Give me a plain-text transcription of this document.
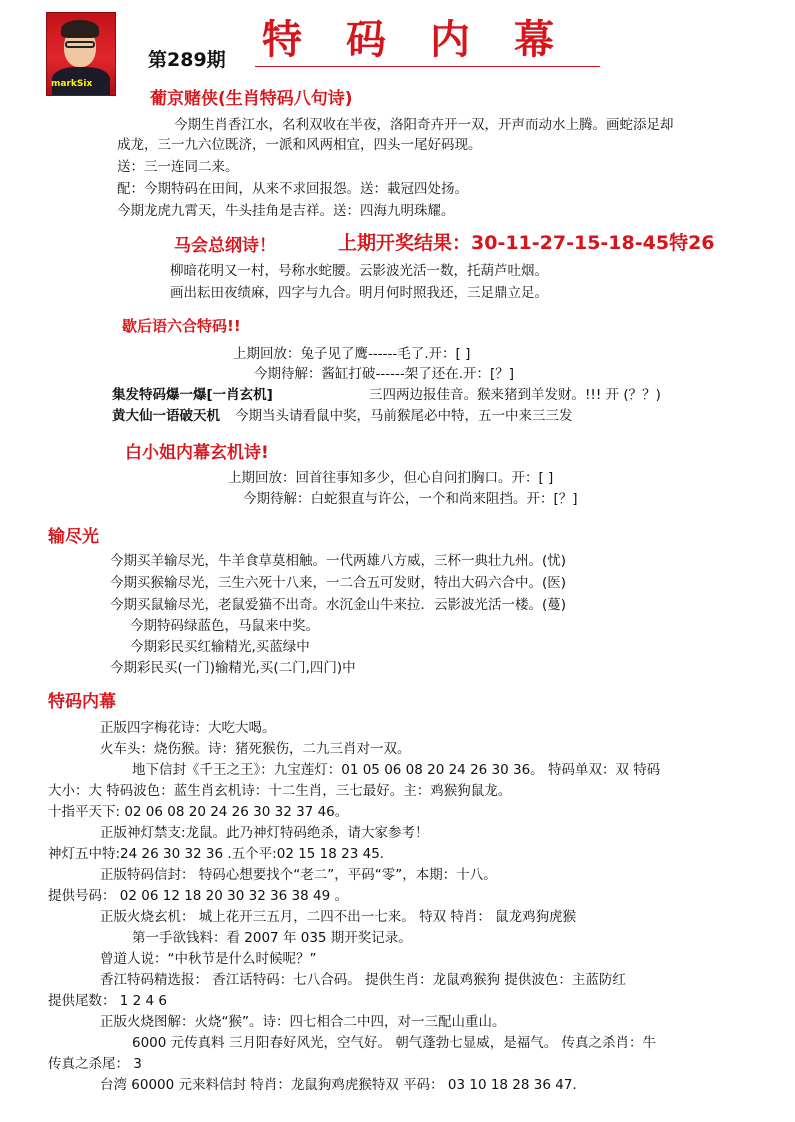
markSix
第289期 特码内幕
葡京赌侠(生肖特码八句诗)
今期生肖香江水，名利双收在半夜，洛阳奇卉开一双，开声而动水上腾。画蛇添足却
成龙，三一九六位既济，一派和风两相宜，四头一尾好码现。
送：三一连同二来。
配：今期特码在田间，从来不求回报怨。送：載冠四处扬。
今期龙虎九霄天，牛头挂角是吉祥。送：四海九明珠耀。
马会总纲诗！	上期开奖结果：30-11-27-15-18-45特26
柳暗花明又一村，号称水蛇腰。云影波光活一数，托葫芦吐烟。
画出耘田夜绩麻，四字与九合。明月何时照我还，三足鼎立足。
歇后语六合特码!!
上期回放：兔子见了鹰------毛了.开：[ ]
今期待解：酱缸打破------架了还在.开：[？]
集发特码爆一爆[一肖玄机]	三四两边报佳音。猴来猪到羊发财。!!! 开 (？？)
黄大仙一语破天机 今期当头请看鼠中奖，马前猴尾必中特，五一中来三三发
白小姐内幕玄机诗!
上期回放：回首往事知多少，但心自问扪胸口。开：[ ]
今期待解：白蛇狠直与许公，一个和尚来阻挡。开：[？]
输尽光
今期买羊输尽光，牛羊食草莫相触。一代两雄八方威，三杯一典壮九州。(忧)
今期买猴输尽光，三生六死十八来，一二合五可发财，特出大码六合中。(医)
今期买鼠输尽光，老鼠爱猫不出奇。水沉金山牛来拉．云影波光活一楼。(蔓)
今期特码绿蓝色，马鼠来中奖。
今期彩民买红输精光,买蓝绿中
今期彩民买(一门)输精光,买(二门,四门)中
特码内幕
正版四字梅花诗：大吃大喝。
火车头：烧伤猴。诗：猪死猴伤，二九三肖对一双。
地下信封《千王之王》：九宝莲灯：01 05 06 08 20 24 26 30 36。 特码单双：双 特码
大小：大 特码波色：蓝生肖玄机诗：十二生肖，三七最好。主：鸡猴狗鼠龙。
十指平天下: 02 06 08 20 24 26 30 32 37 46。
正版神灯禁支:龙鼠。此乃神灯特码绝杀，请大家参考！
神灯五中特:24 26 30 32 36 .五个平:02 15 18 23 45.
正版特码信封： 特码心想要找个“老二”，平码“零”，本期：十八。
提供号码： 02 06 12 18 20 30 32 36 38 49 。
正版火烧玄机： 城上花开三五月，二四不出一七来。 特双 特肖： 鼠龙鸡狗虎猴
第一手欲钱料：看 2007 年 035 期开奖记录。
曾道人说：“中秋节是什么时候呢？”
香江特码精选报： 香江话特码：七八合码。 提供生肖：龙鼠鸡猴狗 提供波色：主蓝防红
提供尾数： 1 2 4 6
正版火烧图解：火烧“猴”。诗：四七相合二中四，对一三配山重山。
6000 元传真料 三月阳春好风光，空气好。 朝气蓬勃七显威，是福气。 传真之杀肖：牛
传真之杀尾： 3
台湾 60000 元来料信封 特肖：龙鼠狗鸡虎猴特双 平码： 03 10 18 28 36 47.
